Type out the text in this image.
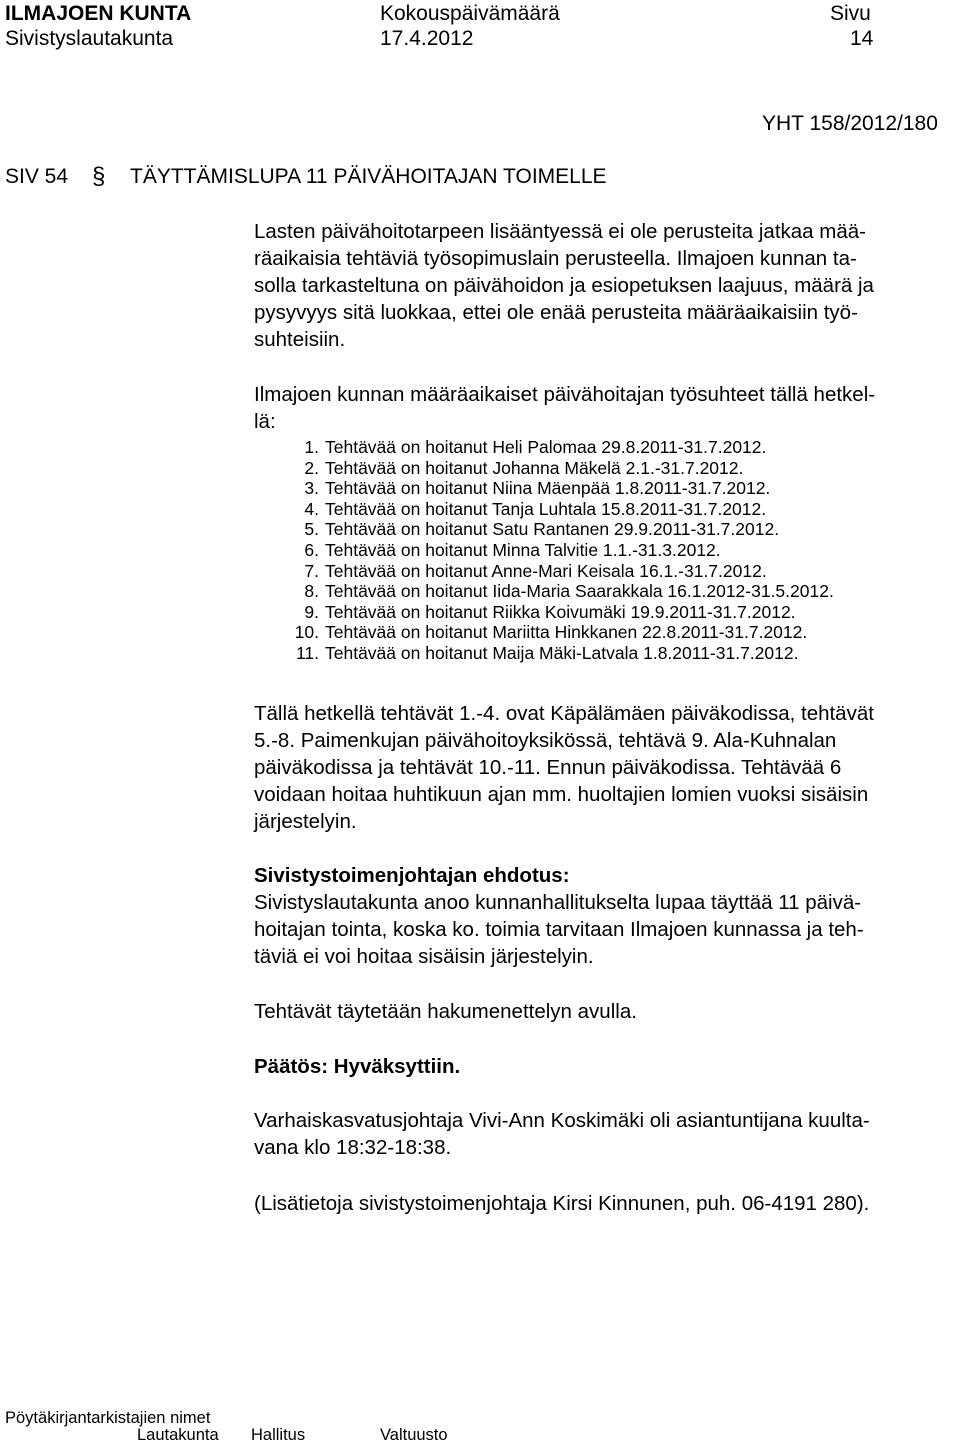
ILMAJOEN KUNTA
Sivistyslautakunta
Kokouspäivämäärä
17.4.2012
Sivu
14
YHT 158/2012/180
SIV 54 § TÄYTTÄMISLUPA 11 PÄIVÄHOITAJAN TOIMELLE
Lasten päivähoitotarpeen lisääntyessä ei ole perusteita jatkaa mää-
räaikaisia tehtäviä työsopimuslain perusteella. Ilmajoen kunnan ta-
solla tarkasteltuna on päivähoidon ja esiopetuksen laajuus, määrä ja
pysyvyys sitä luokkaa, ettei ole enää perusteita määräaikaisiin työ-
suhteisiin.
Ilmajoen kunnan määräaikaiset päivähoitajan työsuhteet tällä hetkel-
lä:
1. Tehtävää on hoitanut Heli Palomaa 29.8.2011-31.7.2012.
2. Tehtävää on hoitanut Johanna Mäkelä 2.1.-31.7.2012.
3. Tehtävää on hoitanut Niina Mäenpää 1.8.2011-31.7.2012.
4. Tehtävää on hoitanut Tanja Luhtala 15.8.2011-31.7.2012.
5. Tehtävää on hoitanut Satu Rantanen 29.9.2011-31.7.2012.
6. Tehtävää on hoitanut Minna Talvitie 1.1.-31.3.2012.
7. Tehtävää on hoitanut Anne-Mari Keisala 16.1.-31.7.2012.
8. Tehtävää on hoitanut Iida-Maria Saarakkala 16.1.2012-31.5.2012.
9. Tehtävää on hoitanut Riikka Koivumäki 19.9.2011-31.7.2012.
10. Tehtävää on hoitanut Mariitta Hinkkanen 22.8.2011-31.7.2012.
11. Tehtävää on hoitanut Maija Mäki-Latvala 1.8.2011-31.7.2012.
Tällä hetkellä tehtävät 1.-4. ovat Käpälämäen päiväkodissa, tehtävät
5.-8. Paimenkujan päivähoitoyksikössä, tehtävä 9. Ala-Kuhnalan
päiväkodissa ja tehtävät 10.-11. Ennun päiväkodissa. Tehtävää 6
voidaan hoitaa huhtikuun ajan mm. huoltajien lomien vuoksi sisäisin
järjestelyin.
Sivistystoimenjohtajan ehdotus:
Sivistyslautakunta anoo kunnanhallitukselta lupaa täyttää 11 päivä-
hoitajan tointa, koska ko. toimia tarvitaan Ilmajoen kunnassa ja teh-
täviä ei voi hoitaa sisäisin järjestelyin.
Tehtävät täytetään hakumenettelyn avulla.
Päätös: Hyväksyttiin.
Varhaiskasvatusjohtaja Vivi-Ann Koskimäki oli asiantuntijana kuulta-
vana klo 18:32-18:38.
(Lisätietoja sivistystoimenjohtaja Kirsi Kinnunen, puh. 06-4191 280).
Pöytäkirjantarkistajien nimet
Lautakunta Hallitus	Valtuusto
